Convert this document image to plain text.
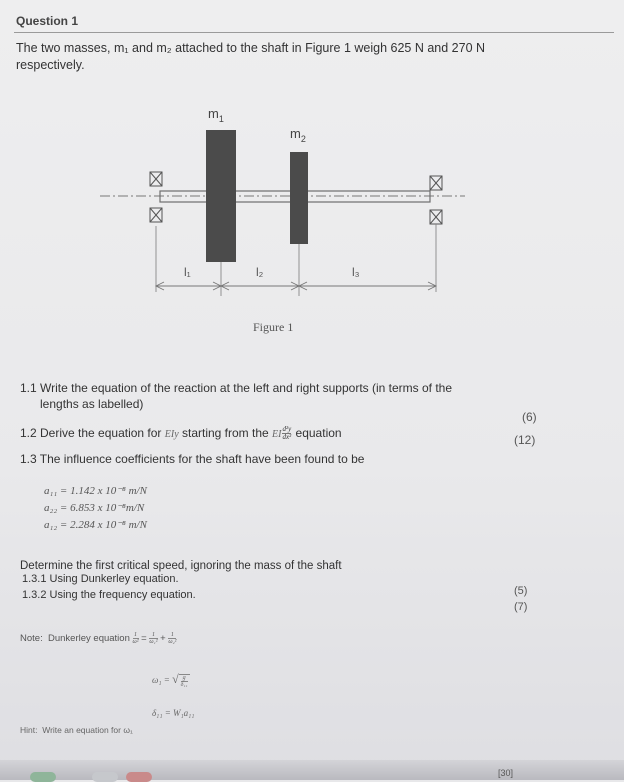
Question 1
The two masses, m₁ and m₂ attached to the shaft in Figure 1 weigh 625 N and 270 N
respectively.
$m_1$
$m_2$
l₁	l₂	l₃
Figure 1
1.1 Write the equation of the reaction at the left and right supports (in terms of the
lengths as labelled)
(6)
1.2 Derive the equation for EIy starting from the EI $\frac{\text{d²y}}{\text{dx²}}$ equation	(12)
1.3 The influence coefficients for the shaft have been found to be
a₁₁ = 1.142 x 10⁻⁸ m/N
a₂₂ = 6.853 x 10⁻⁸m/N
a₁₂ = 2.284 x 10⁻⁸ m/N
Determine the first critical speed, ignoring the mass of the shaft
1.3.1 Using Dunkerley equation.
1.3.2 Using the frequency equation.	(5)
(7)
Note: Dunkerley equation $\frac{1}{\text{ω²}} = \frac{1}{\text{ω₁²}} + \frac{1}{\text{ω₂²}}$
ω₁ = √ $\frac{g}{\text{δ₁₁}}$
δ₁₁ = W₁a₁₁
Hint: Write an equation for ω₁
[30]
